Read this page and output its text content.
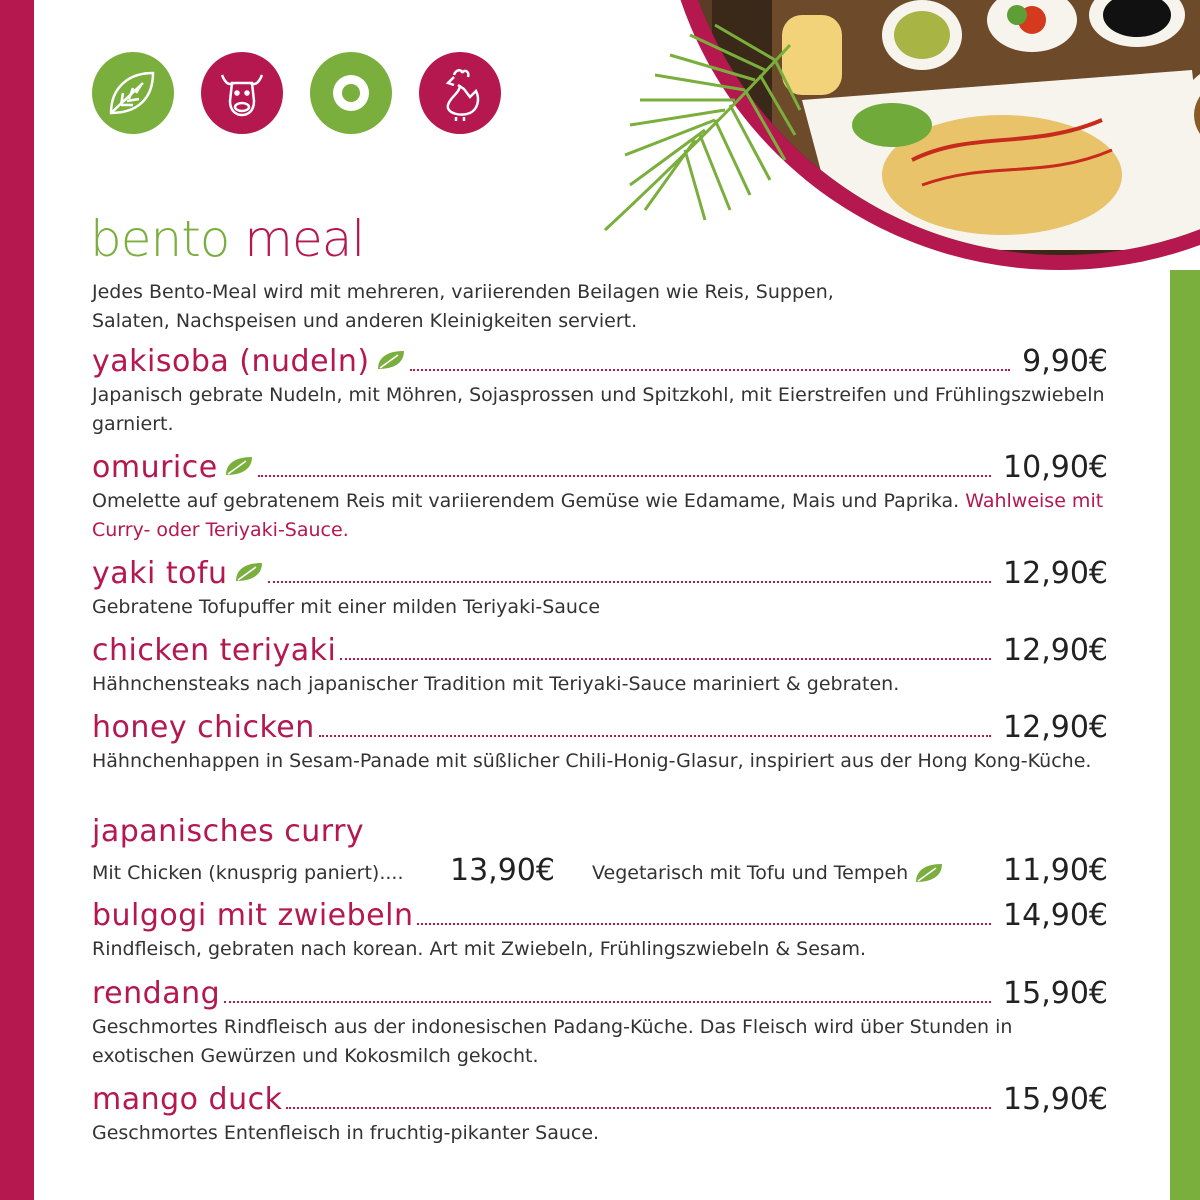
bento meal
Jedes Bento-Meal wird mit mehreren, variierenden Beilagen wie Reis, Suppen, Salaten, Nachspeisen und anderen Kleinigkeiten serviert.
yakisoba (nudeln)	9,90€
Japanisch gebrate Nudeln, mit Möhren, Sojasprossen und Spitzkohl, mit Eierstreifen und Frühlingszwiebeln garniert.
omurice	10,90€
Omelette auf gebratenem Reis mit variierendem Gemüse wie Edamame, Mais und Paprika. Wahlweise mit Curry- oder Teriyaki-Sauce.
yaki tofu	12,90€
Gebratene Tofupuffer mit einer milden Teriyaki-Sauce
chicken teriyaki	12,90€
Hähnchensteaks nach japanischer Tradition mit Teriyaki-Sauce mariniert & gebraten.
honey chicken	12,90€
Hähnchenhappen in Sesam-Panade mit süßlicher Chili-Honig-Glasur, inspiriert aus der Hong Kong-Küche.
japanisches curry
Mit Chicken (knusprig paniert).... 13,90€ Vegetarisch mit Tofu und Tempeh	11,90€
bulgogi mit zwiebeln	14,90€
Rindfleisch, gebraten nach korean. Art mit Zwiebeln, Frühlingszwiebeln & Sesam.
rendang	15,90€
Geschmortes Rindfleisch aus der indonesischen Padang-Küche. Das Fleisch wird über Stunden in exotischen Gewürzen und Kokosmilch gekocht.
mango duck	15,90€
Geschmortes Entenfleisch in fruchtig-pikanter Sauce.
